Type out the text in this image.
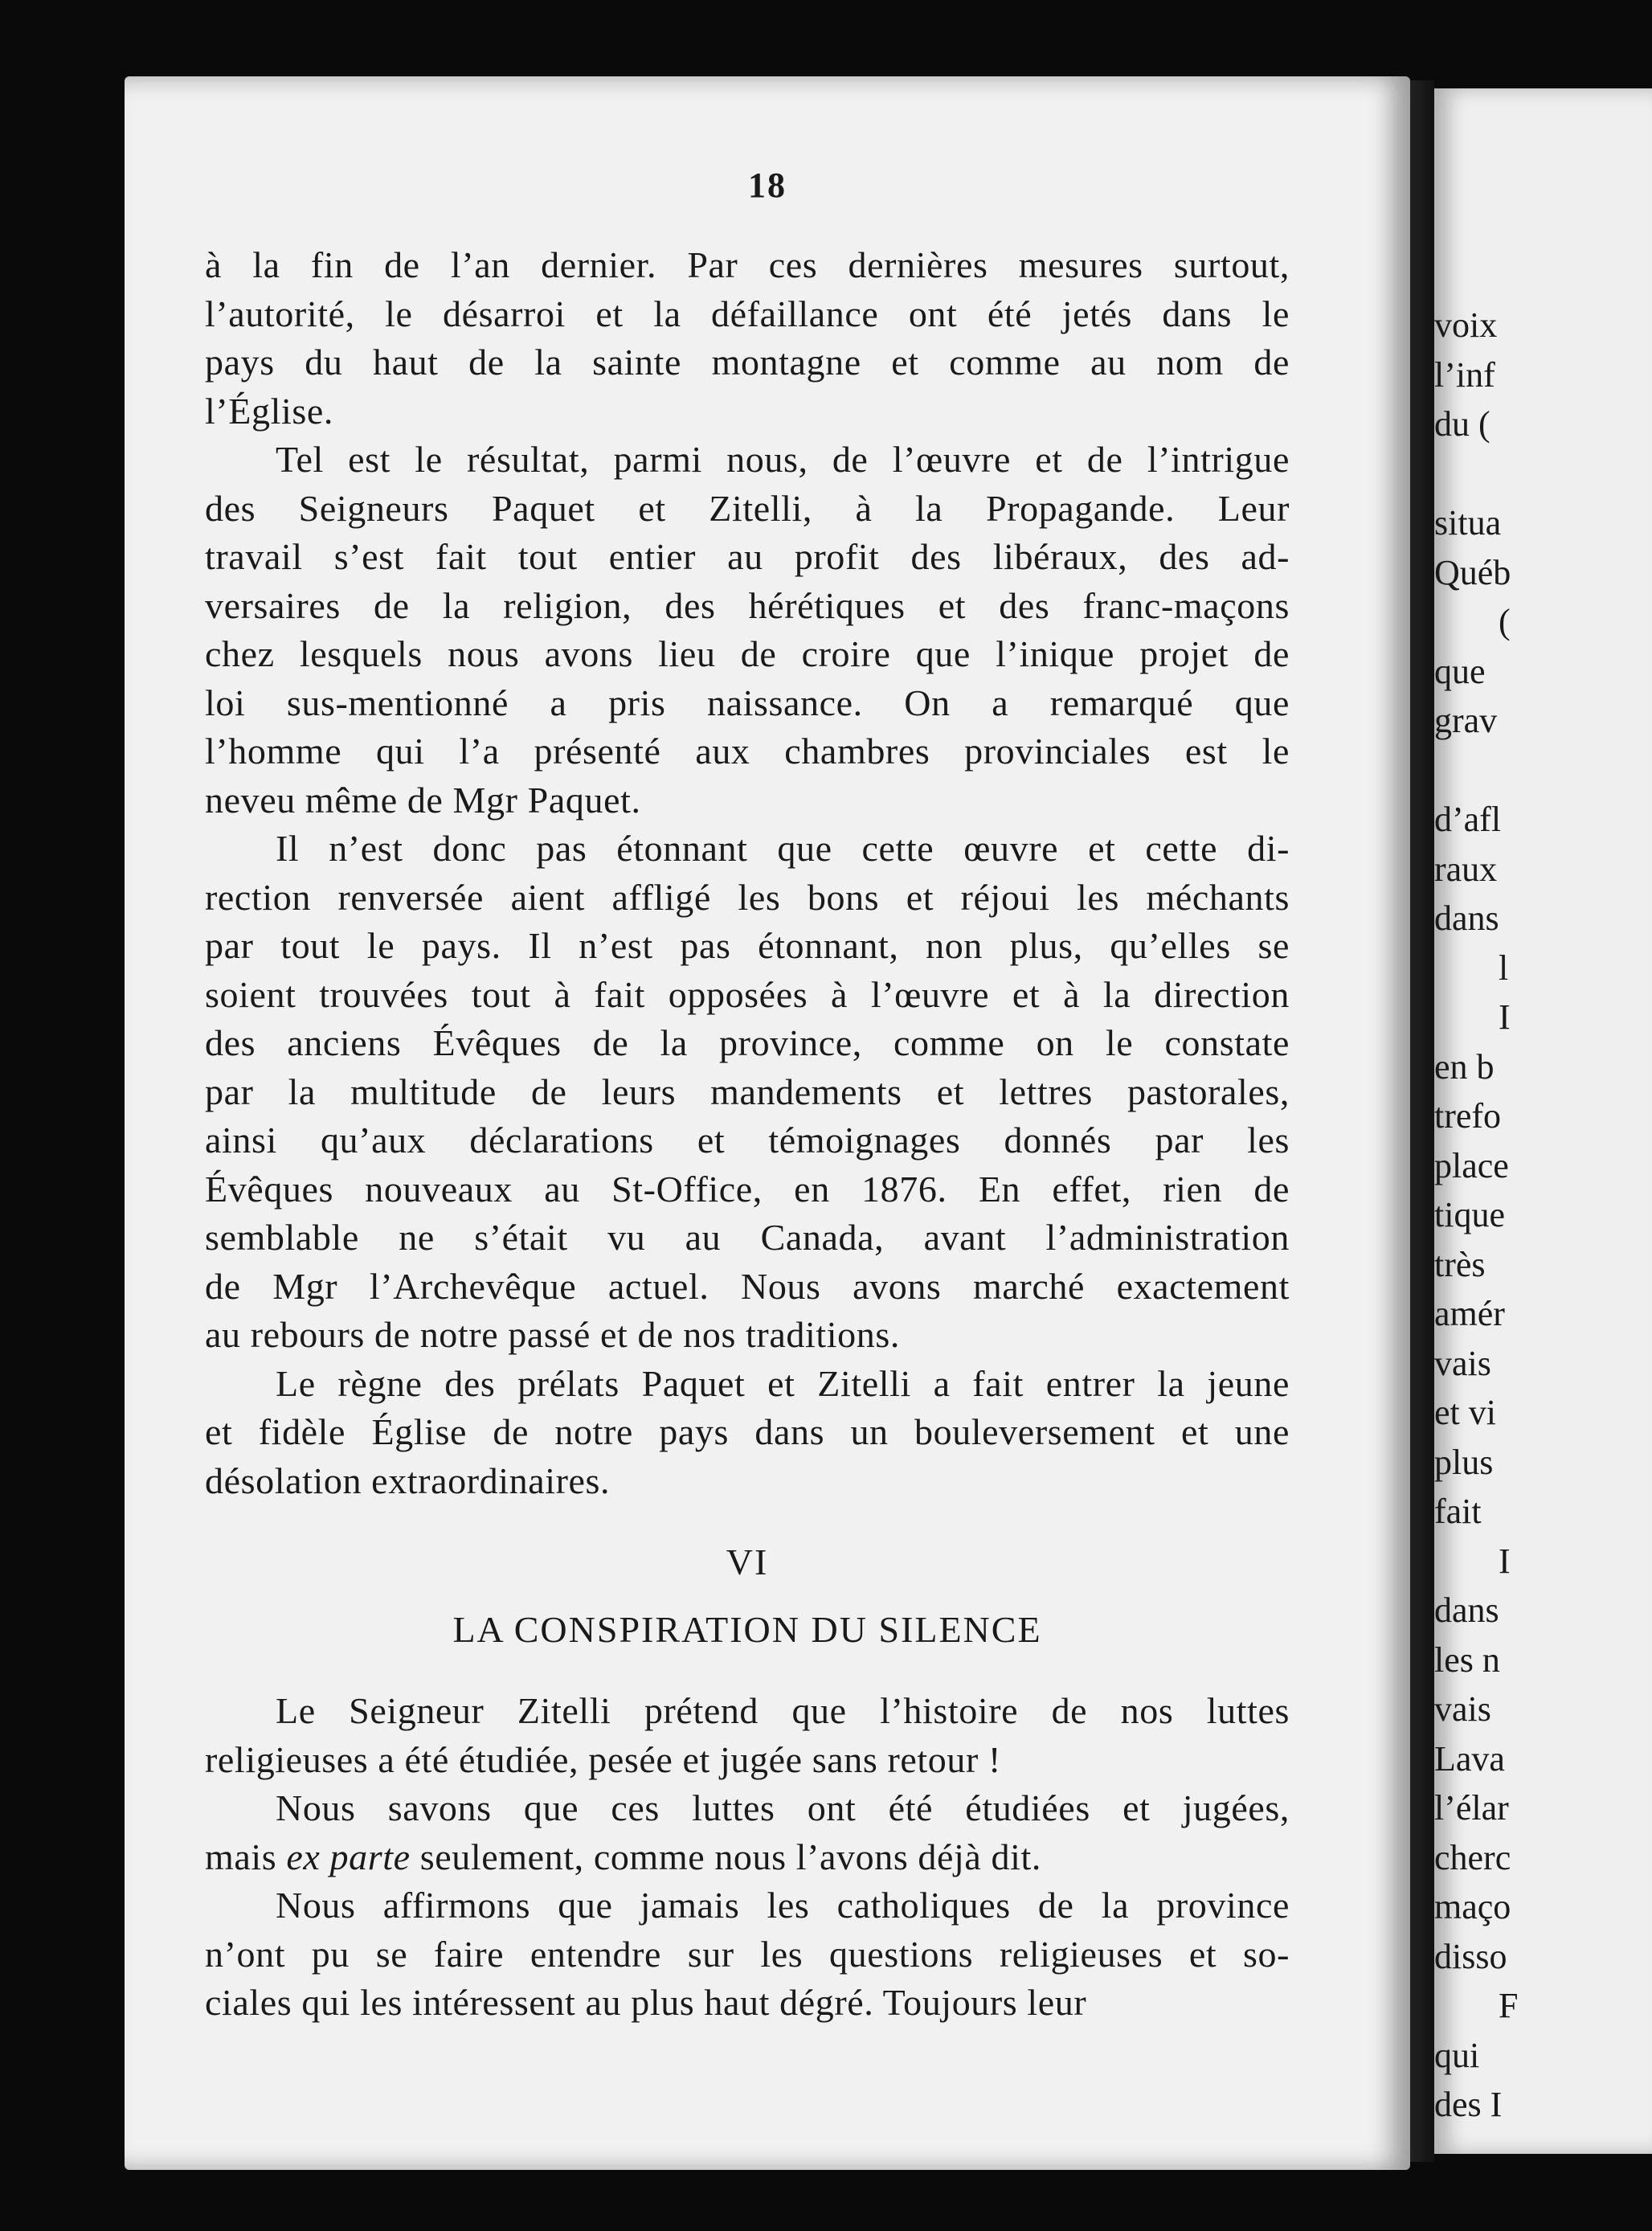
18
à la fin de l’an dernier. Par ces dernières mesures surtout,
l’autorité, le désarroi et la défaillance ont été jetés dans le
pays du haut de la sainte montagne et comme au nom de
l’Église.
Tel est le résultat, parmi nous, de l’œuvre et de l’intrigue
des Seigneurs Paquet et Zitelli, à la Propagande. Leur
travail s’est fait tout entier au profit des libéraux, des ad-
versaires de la religion, des hérétiques et des franc-maçons
chez lesquels nous avons lieu de croire que l’inique projet de
loi sus-mentionné a pris naissance. On a remarqué que
l’homme qui l’a présenté aux chambres provinciales est le
neveu même de Mgr Paquet.
Il n’est donc pas étonnant que cette œuvre et cette di-
rection renversée aient affligé les bons et réjoui les méchants
par tout le pays. Il n’est pas étonnant, non plus, qu’elles se
soient trouvées tout à fait opposées à l’œuvre et à la direction
des anciens Évêques de la province, comme on le constate
par la multitude de leurs mandements et lettres pastorales,
ainsi qu’aux déclarations et témoignages donnés par les
Évêques nouveaux au St-Office, en 1876. En effet, rien de
semblable ne s’était vu au Canada, avant l’administration
de Mgr l’Archevêque actuel. Nous avons marché exactement
au rebours de notre passé et de nos traditions.
Le règne des prélats Paquet et Zitelli a fait entrer la jeune
et fidèle Église de notre pays dans un bouleversement et une
désolation extraordinaires.
VI
LA CONSPIRATION DU SILENCE
Le Seigneur Zitelli prétend que l’histoire de nos luttes
religieuses a été étudiée, pesée et jugée sans retour !
Nous savons que ces luttes ont été étudiées et jugées,
mais ex parte seulement, comme nous l’avons déjà dit.
Nous affirmons que jamais les catholiques de la province
n’ont pu se faire entendre sur les questions religieuses et so-
ciales qui les intéressent au plus haut dégré. Toujours leur
voix
l’inf
du (
situa
Québ
(
que
grav
d’afl
raux
dans
l
I
en b
trefo
place
tique
très
amér
vais
et vi
plus
fait
I
dans
les n
vais
Lava
l’élar
cherc
maço
disso
F
qui
des I
